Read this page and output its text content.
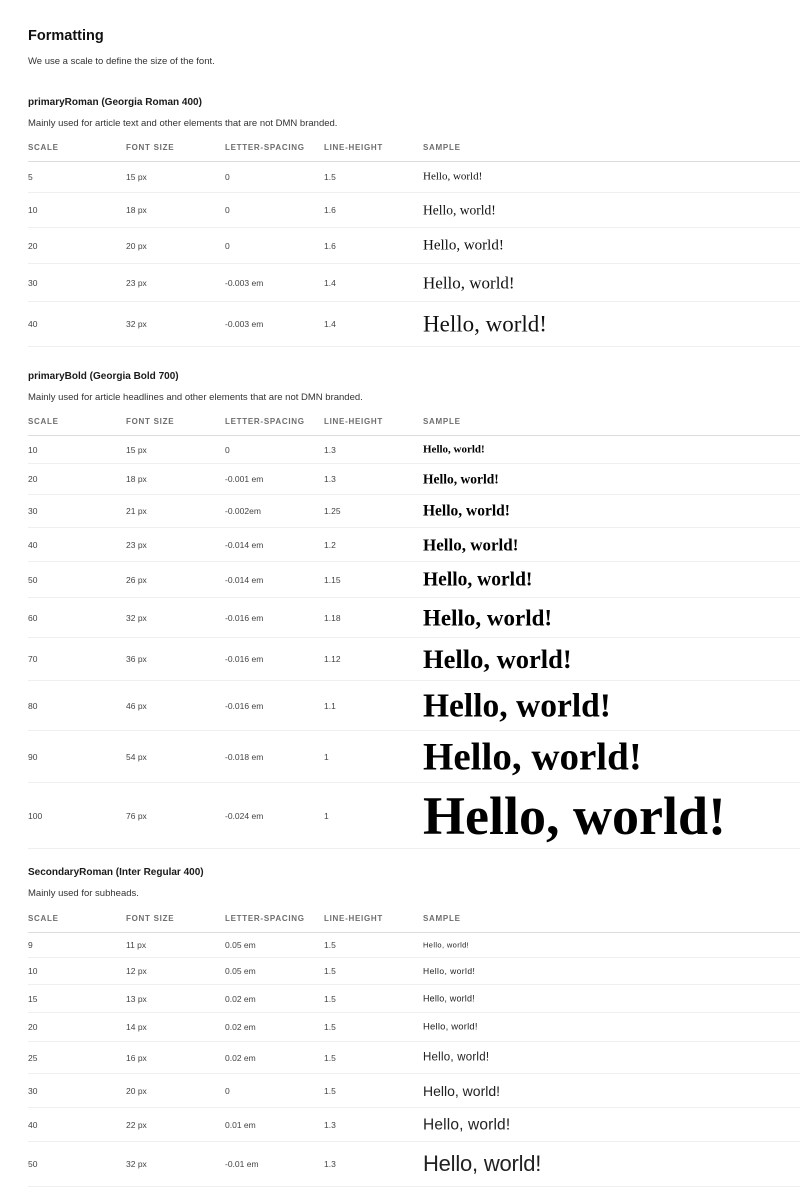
Formatting

We use a scale to define the size of the font.

primaryRoman (Georgia Roman 400)

Mainly used for article text and other elements that are not DMN branded.

SCALE	FONT SIZE	LETTER-SPACING LINE-HEIGHT	SAMPLE
5	15 px	0	1.5	Hello, world!
10	18 px	0	1.6	Hello, world!
20	20 px	0	1.6	Hello, world!
30	23 px	-0.003 em	1.4	Hello, world!
40	32 px	-0.003 em	1.4	Hello, world!
primaryBold (Georgia Bold 700)

Mainly used for article headlines and other elements that are not DMN branded.

SCALE	FONT SIZE	LETTER-SPACING LINE-HEIGHT	SAMPLE
10	15 px	0	1.3	Hello, world!
20	18 px	-0.001 em	1.3	Hello, world!
30	21 px	-0.002em	1.25	Hello, world!
40	23 px	-0.014 em	1.2	Hello, world!
50	26 px	-0.014 em	1.15	Hello, world!
60	32 px	-0.016 em	1.18	Hello, world!
70	36 px	-0.016 em	1.12	Hello, world!
80	46 px	-0.016 em	1.1	Hello, world!
90	54 px	-0.018 em	1 Hello, world!
100	76 px	-0.024 em	1 Hello, world!
SecondaryRoman (Inter Regular 400)

Mainly used for subheads.

SCALE	FONT SIZE	LETTER-SPACING LINE-HEIGHT	SAMPLE
9	11 px	0.05 em	1.5	Hello, world!
10	12 px	0.05 em	1.5	Hello, world!
15	13 px	0.02 em	1.5	Hello, world!
20	14 px	0.02 em	1.5	Hello, world!
25	16 px	0.02 em	1.5	Hello, world!
30	20 px	0	1.5	Hello, world!
40	22 px	0.01 em	1.3	Hello, world!
50	32 px	-0.01 em	1.3	Hello, world!
